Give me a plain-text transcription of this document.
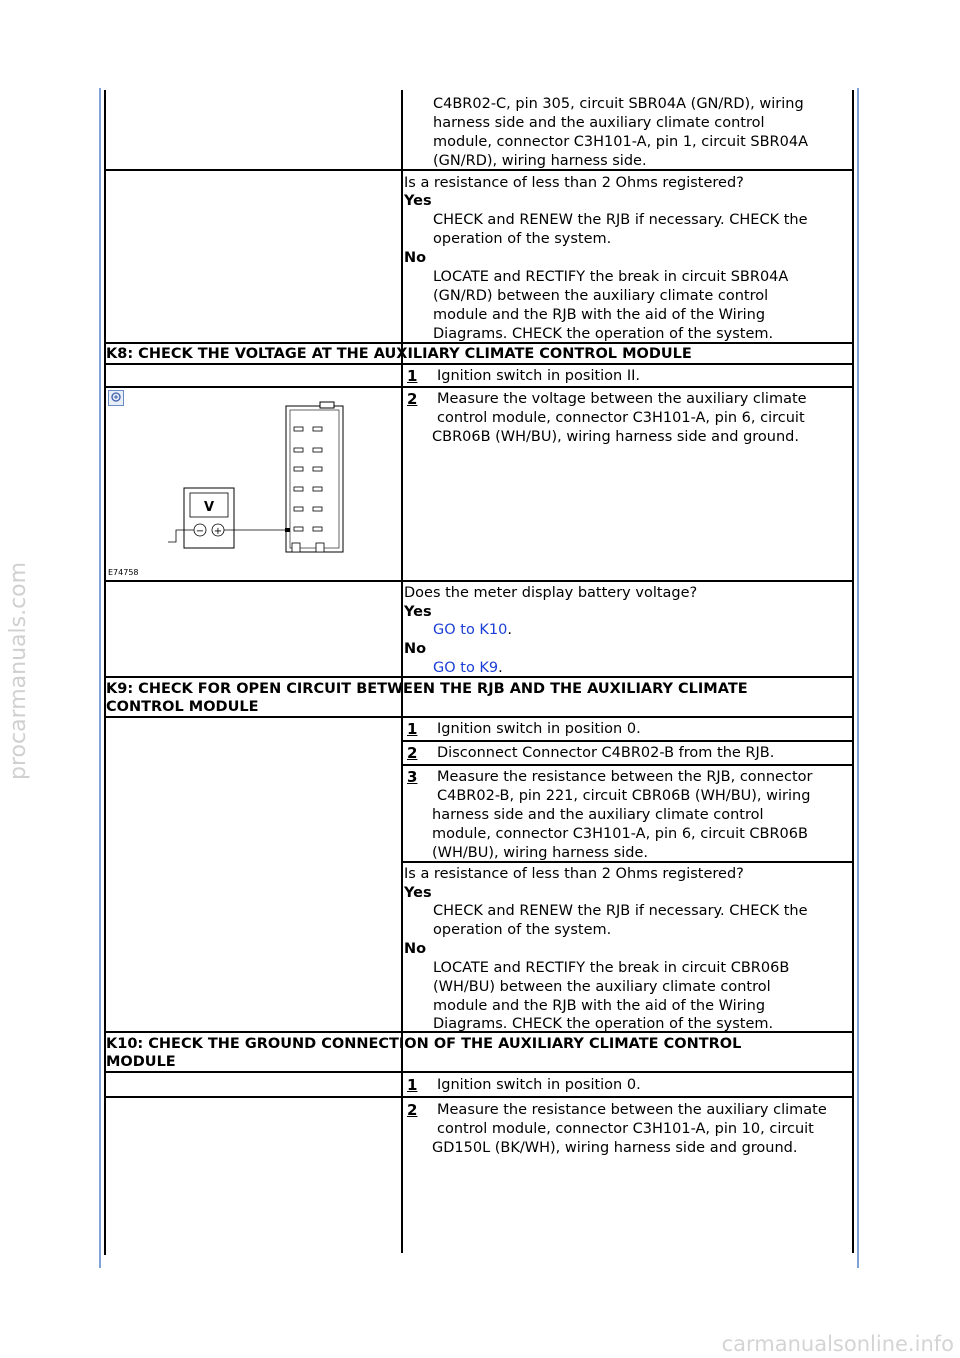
C4BR02-C, pin 305, circuit SBR04A (GN/RD), wiring
harness side and the auxiliary climate control
module, connector C3H101-A, pin 1, circuit SBR04A
(GN/RD), wiring harness side.
Is a resistance of less than 2 Ohms registered?
Yes
CHECK and RENEW the RJB if necessary. CHECK the
operation of the system.
No
LOCATE and RECTIFY the break in circuit SBR04A
(GN/RD) between the auxiliary climate control
module and the RJB with the aid of the Wiring
Diagrams. CHECK the operation of the system.
K8: CHECK THE VOLTAGE AT THE AUXILIARY CLIMATE CONTROL MODULE
1 Ignition switch in position II.
2 Measure the voltage between the auxiliary climate
control module, connector C3H101-A, pin 6, circuit
CBR06B (WH/BU), wiring harness side and ground.
V
− +
E74758
Does the meter display battery voltage?
Yes
GO to K10.
No
GO to K9.
K9: CHECK FOR OPEN CIRCUIT BETWEEN THE RJB AND THE AUXILIARY CLIMATE
CONTROL MODULE
1 Ignition switch in position 0.
2 Disconnect Connector C4BR02-B from the RJB.
3 Measure the resistance between the RJB, connector
C4BR02-B, pin 221, circuit CBR06B (WH/BU), wiring
harness side and the auxiliary climate control
module, connector C3H101-A, pin 6, circuit CBR06B
(WH/BU), wiring harness side.
Is a resistance of less than 2 Ohms registered?
Yes
CHECK and RENEW the RJB if necessary. CHECK the
operation of the system.
No
LOCATE and RECTIFY the break in circuit CBR06B
(WH/BU) between the auxiliary climate control
module and the RJB with the aid of the Wiring
Diagrams. CHECK the operation of the system.
K10: CHECK THE GROUND CONNECTION OF THE AUXILIARY CLIMATE CONTROL
MODULE
1 Ignition switch in position 0.
2 Measure the resistance between the auxiliary climate
control module, connector C3H101-A, pin 10, circuit
GD150L (BK/WH), wiring harness side and ground.
procarmanuals.com
carmanualsonline.info
